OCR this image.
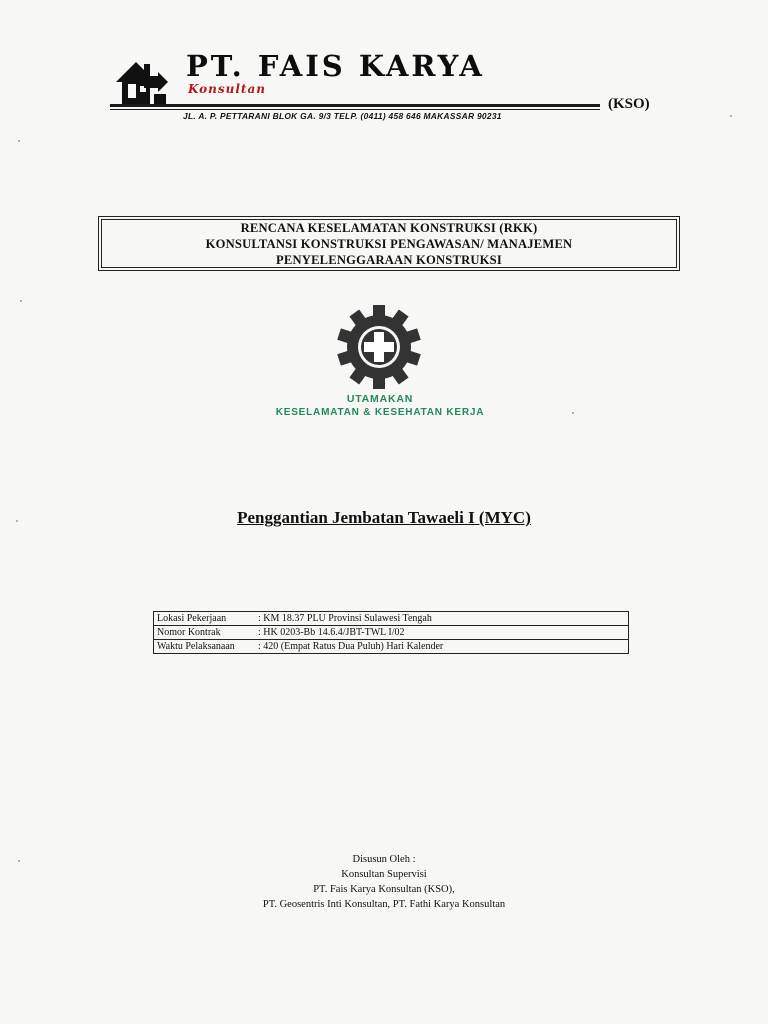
PT. FAIS KARYA
Konsultan
JL. A. P. PETTARANI BLOK GA. 9/3 TELP. (0411) 458 646 MAKASSAR 90231
(KSO)
RENCANA KESELAMATAN KONSTRUKSI (RKK)
KONSULTANSI KONSTRUKSI PENGAWASAN/ MANAJEMEN
PENYELENGGARAAN KONSTRUKSI
UTAMAKAN
KESELAMATAN & KESEHATAN KERJA
Penggantian Jembatan Tawaeli I (MYC)
Lokasi Pekerjaan	: KM 18.37 PLU Provinsi Sulawesi Tengah
Nomor Kontrak	: HK 0203-Bb 14.6.4/JBT-TWL I/02
Waktu Pelaksanaan	: 420 (Empat Ratus Dua Puluh) Hari Kalender
Disusun Oleh :
Konsultan Supervisi
PT. Fais Karya Konsultan (KSO),
PT. Geosentris Inti Konsultan, PT. Fathi Karya Konsultan
